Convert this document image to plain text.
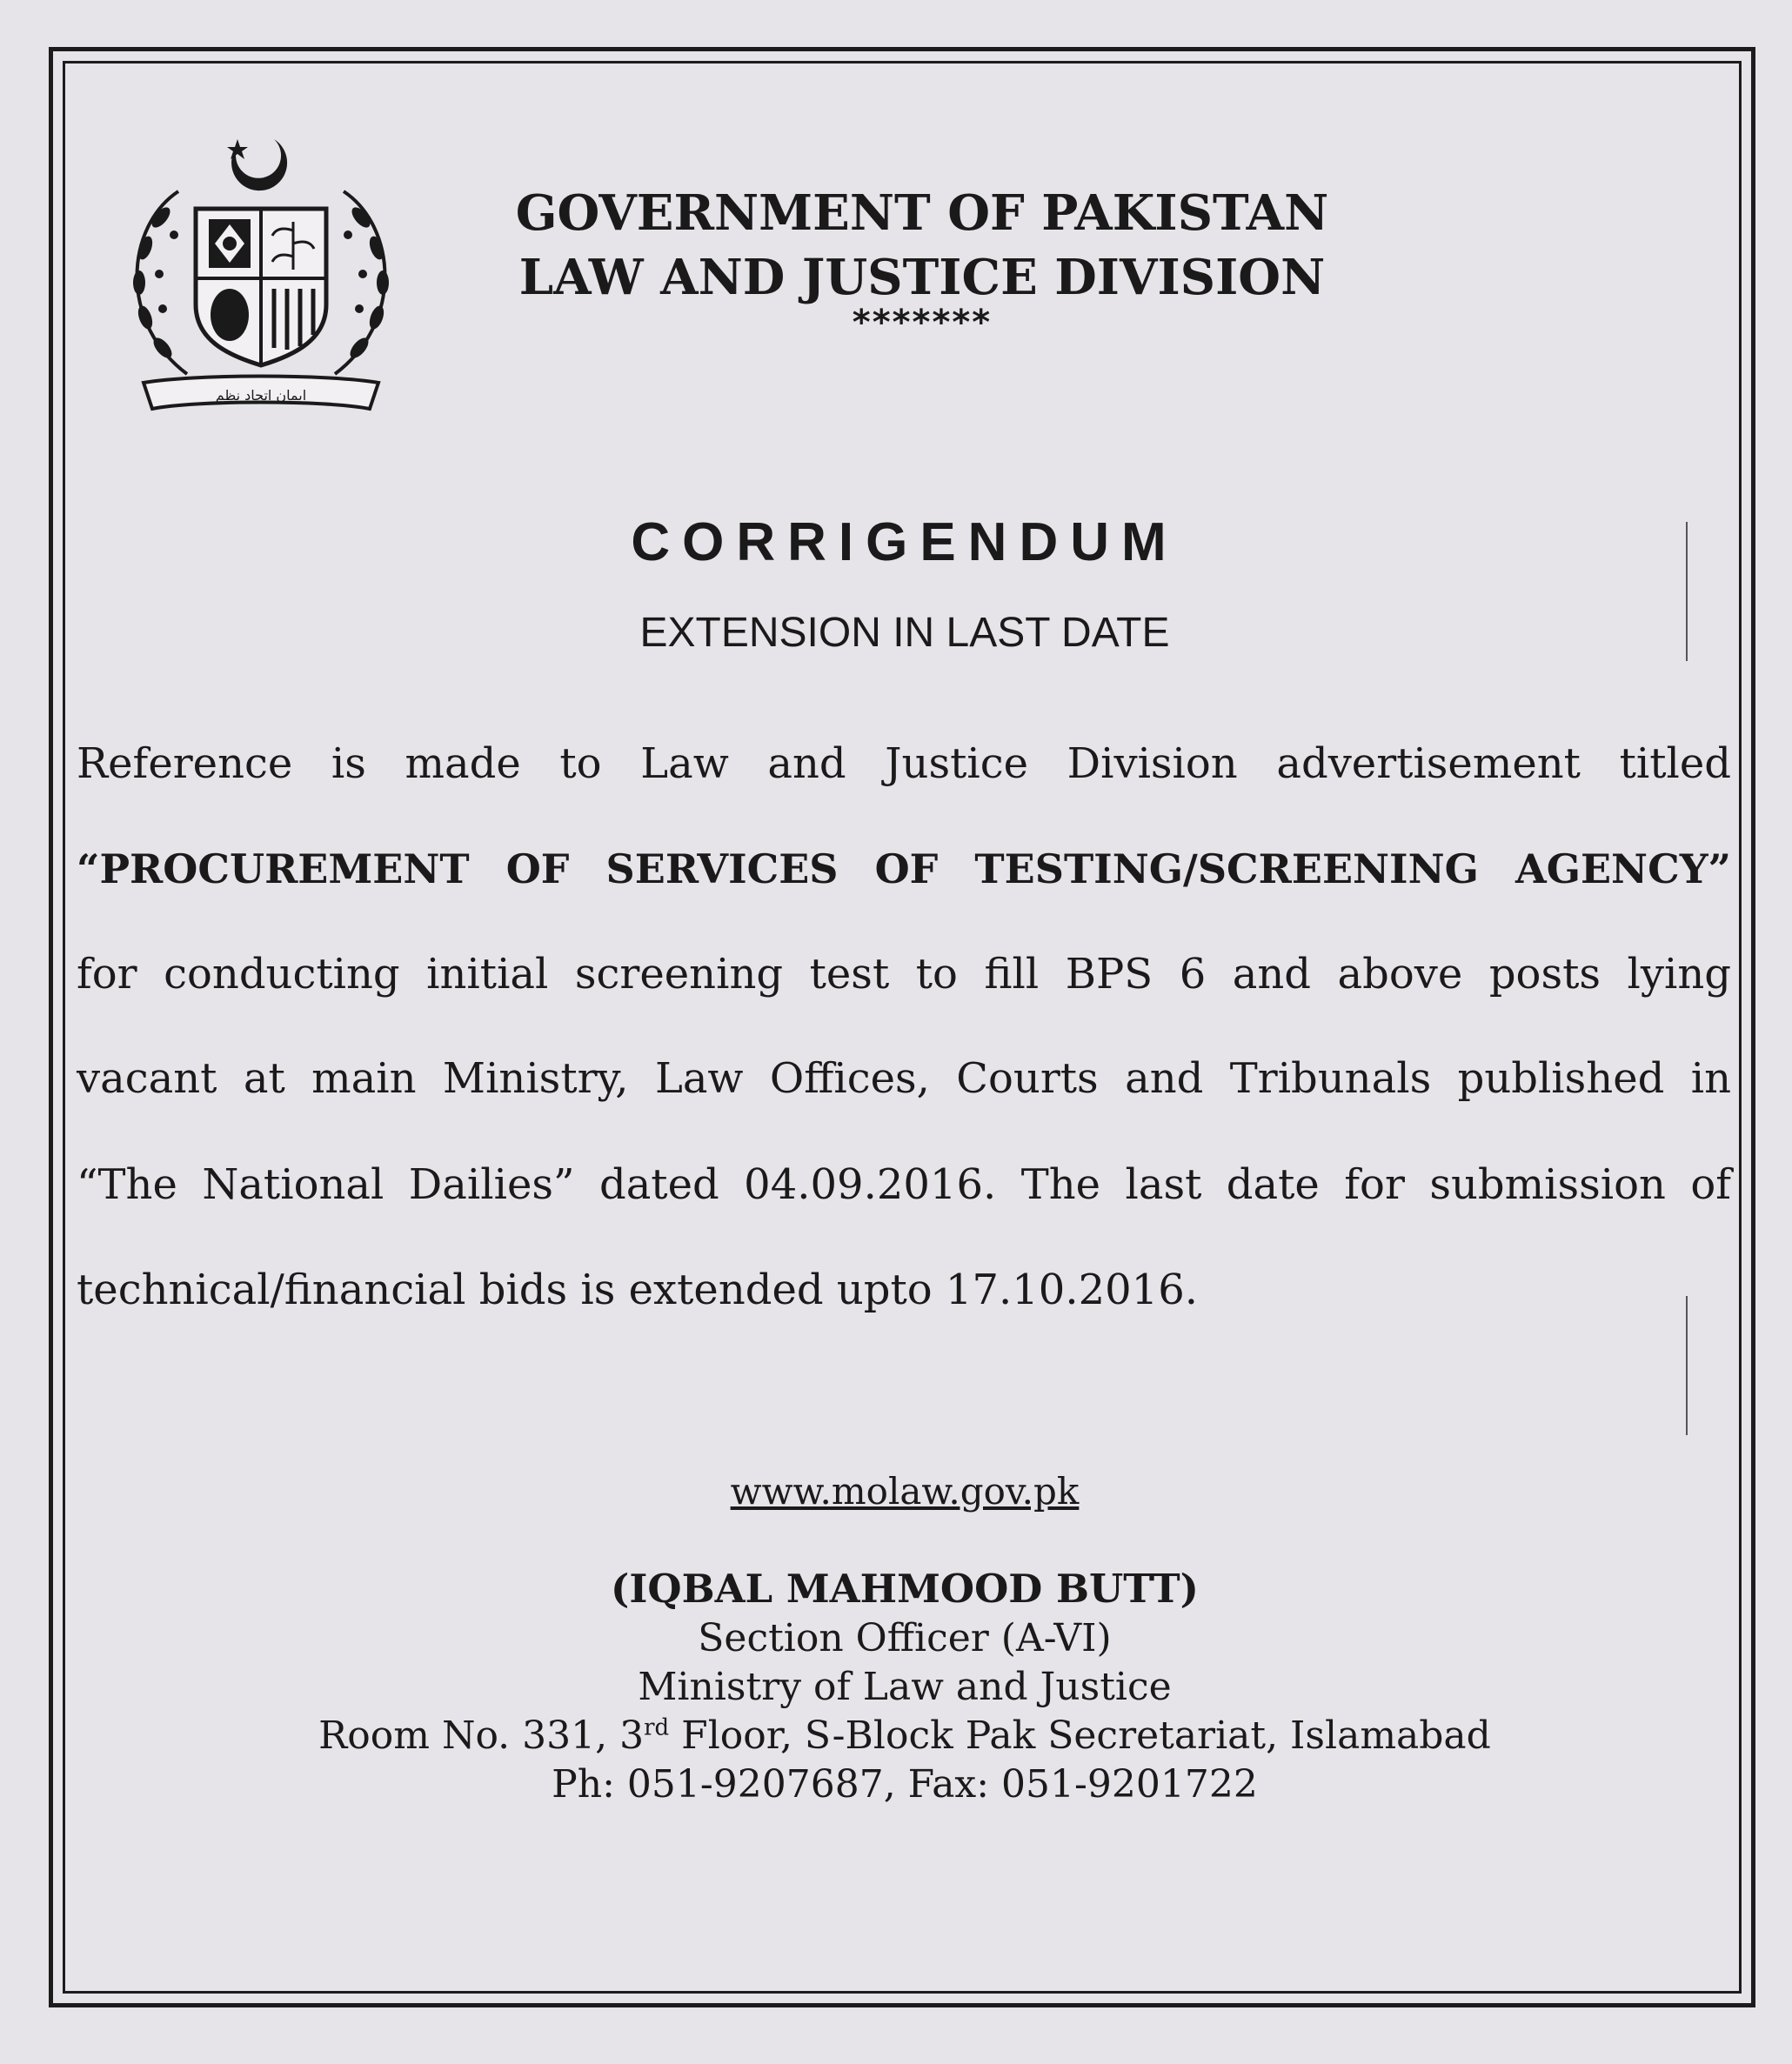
ایمان اتحاد نظم
GOVERNMENT OF PAKISTAN
LAW AND JUSTICE DIVISION
*******
CORRIGENDUM
EXTENSION IN LAST DATE
Reference is made to Law and Justice Division advertisement titled
“PROCUREMENT OF SERVICES OF TESTING/SCREENING AGENCY”
for conducting initial screening test to fill BPS 6 and above posts lying
vacant at main Ministry, Law Offices, Courts and Tribunals published in
“The National Dailies” dated 04.09.2016. The last date for submission of
technical/financial bids is extended upto 17.10.2016.
www.molaw.gov.pk
(IQBAL MAHMOOD BUTT)
Section Officer (A-VI)
Ministry of Law and Justice
Room No. 331, 3rd Floor, S-Block Pak Secretariat, Islamabad
Ph: 051-9207687, Fax: 051-9201722
